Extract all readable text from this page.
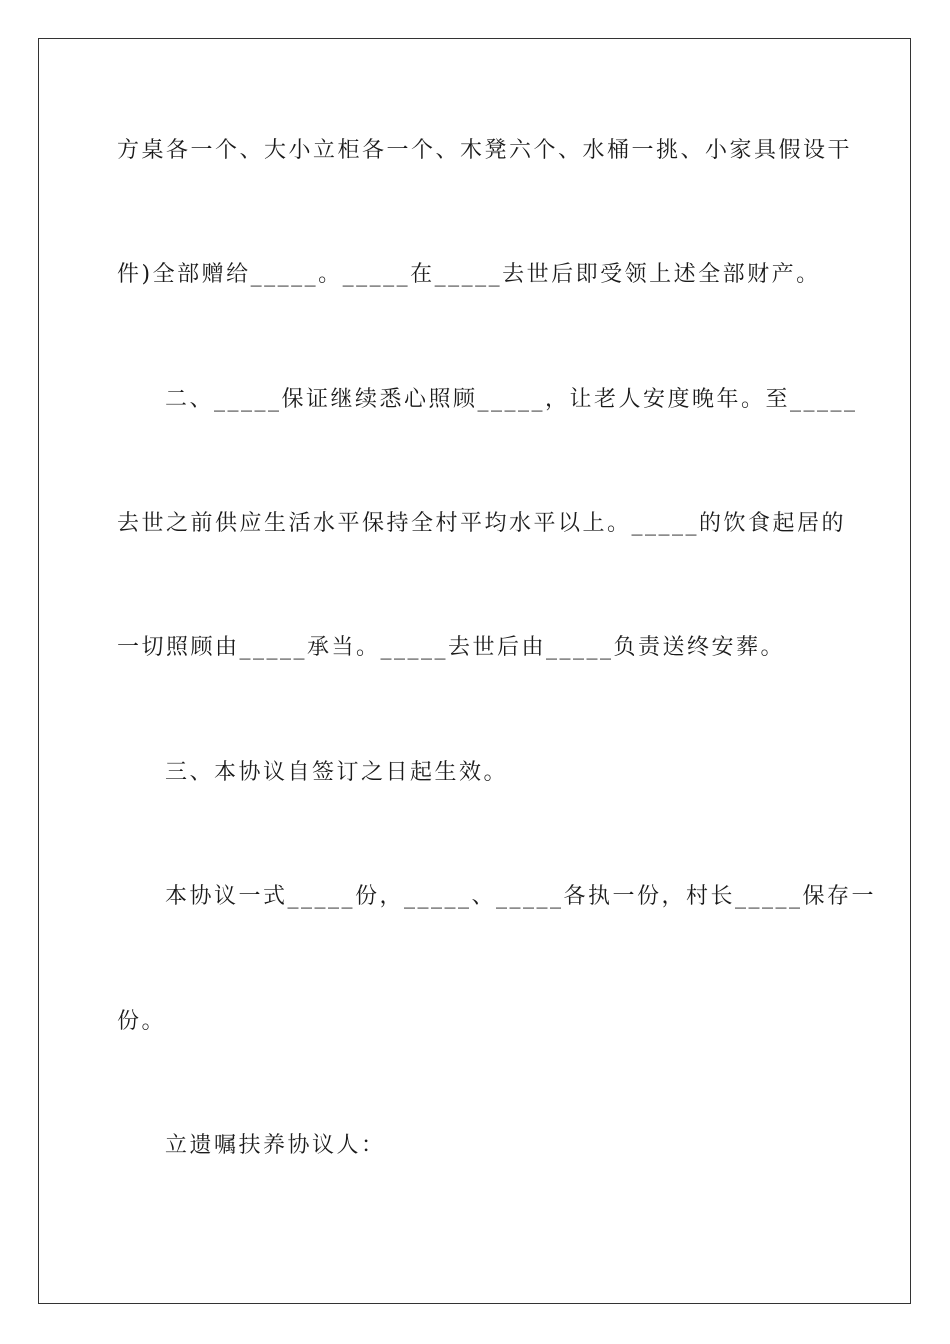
方桌各一个、大小立柜各一个、木凳六个、水桶一挑、小家具假设干
件)全部赠给_____。_____在_____去世后即受领上述全部财产。
二、_____保证继续悉心照顾_____，让老人安度晚年。至_____
去世之前供应生活水平保持全村平均水平以上。_____的饮食起居的
一切照顾由_____承当。_____去世后由_____负责送终安葬。
三、本协议自签订之日起生效。
本协议一式_____份，_____、_____各执一份，村长_____保存一
份。
立遗嘱扶养协议人：
